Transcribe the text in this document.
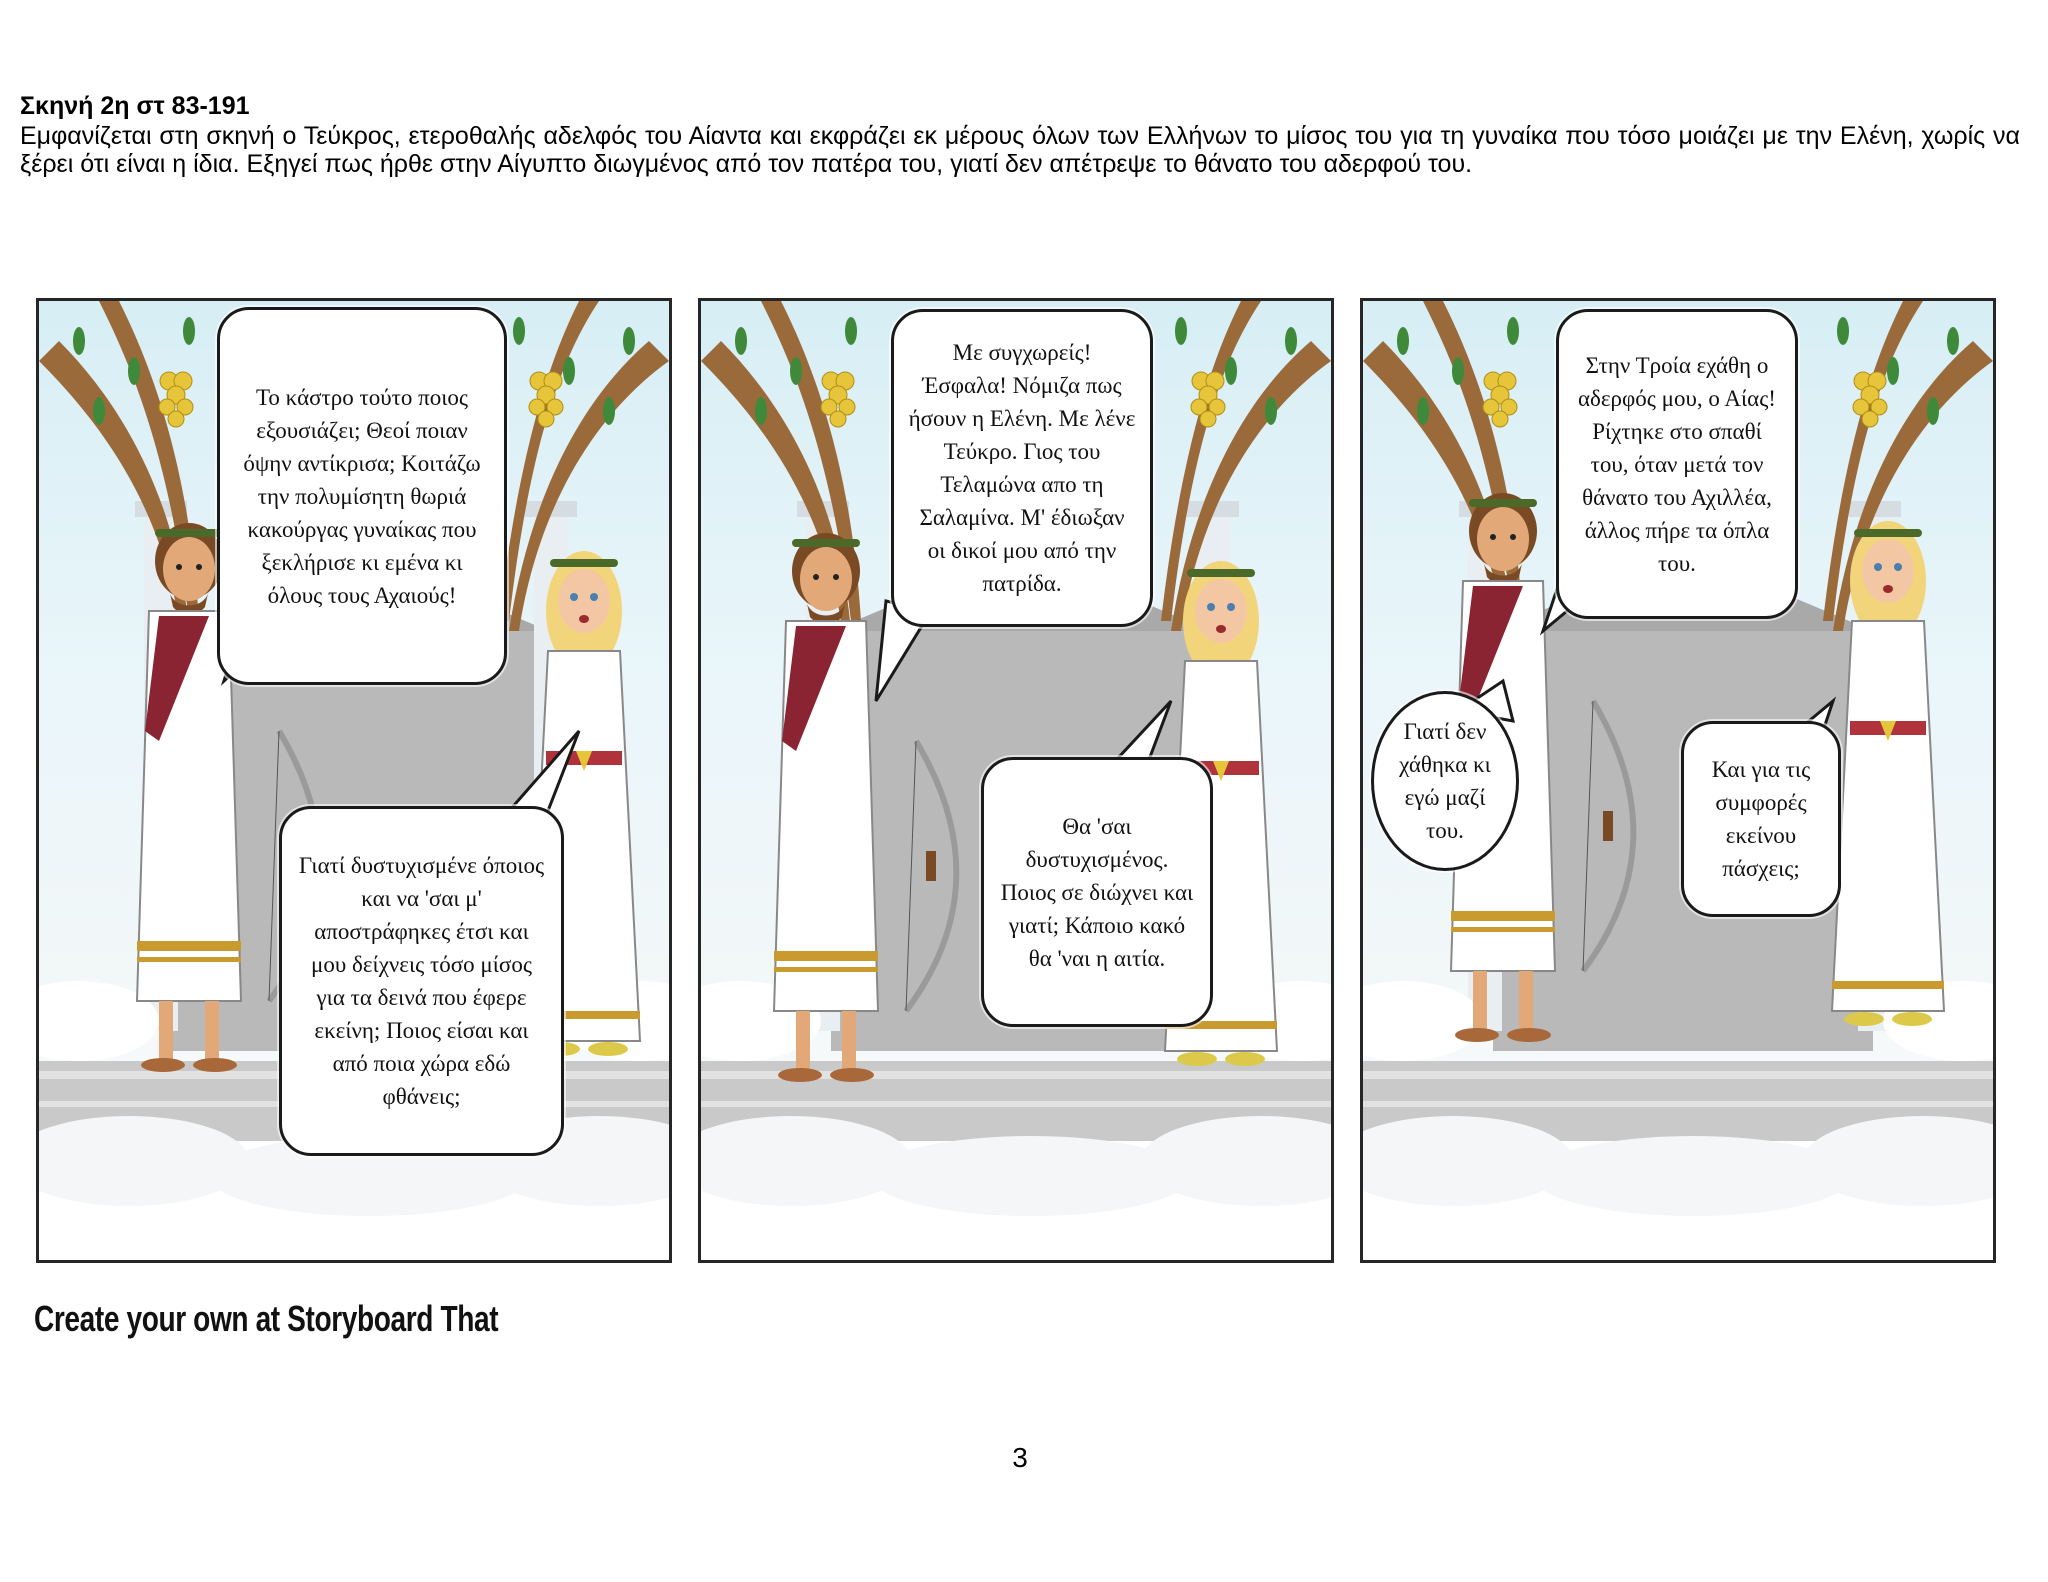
Σκηνή 2η στ 83-191
Εμφανίζεται στη σκηνή ο Τεύκρος, ετεροθαλής αδελφός του Αίαντα και εκφράζει εκ μέρους όλων των Ελλήνων το μίσος του για τη γυναίκα που τόσο μοιάζει με την Ελένη, χωρίς να ξέρει ότι είναι η ίδια. Εξηγεί πως ήρθε στην Αίγυπτο διωγμένος από τον πατέρα του, γιατί δεν απέτρεψε το θάνατο του αδερφού του.
Το κάστρο τούτο ποιος εξουσιάζει; Θεοί ποιαν όψην αντίκρισα; Κοιτάζω την πολυμίσητη θωριά κακούργας γυναίκας που ξεκλήρισε κι εμένα κι όλους τους Αχαιούς!
Γιατί δυστυχισμένε όποιος και να 'σαι μ' αποστράφηκες έτσι και μου δείχνεις τόσο μίσος για τα δεινά που έφερε εκείνη; Ποιος είσαι και από ποια χώρα εδώ φθάνεις;
Με συγχωρείς! Έσφαλα! Νόμιζα πως ήσουν η Ελένη. Με λένε Τεύκρο. Γιος του Τελαμώνα απο τη Σαλαμίνα. Μ' έδιωξαν οι δικοί μου από την πατρίδα.
Θα 'σαι δυστυχισμένος. Ποιος σε διώχνει και γιατί; Κάποιο κακό θα 'ναι η αιτία.
Στην Τροία εχάθη ο αδερφός μου, ο Αίας! Ρίχτηκε στο σπαθί του, όταν μετά τον θάνατο του Αχιλλέα, άλλος πήρε τα όπλα του.
Γιατί δεν χάθηκα κι εγώ μαζί του.
Και για τις συμφορές εκείνου πάσχεις;
Create your own at Storyboard That
3
